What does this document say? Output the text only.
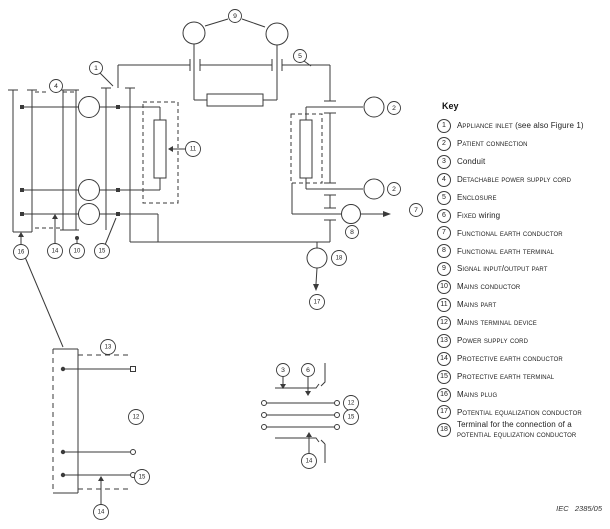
9
1
4
5
2
2
7
8
11
18
17
16	14	10	15
13
12
15
14
3	6
12
15
14
Key
1	Appliance inlet (see also Figure 1)
2	Patient connection
3	Conduit
4	Detachable power supply cord
5	Enclosure
6	Fixed wiring
7	Functional earth conductor
8	Functional earth terminal
9	Signal input/output part
10	Mains conductor
11	Mains part
12	Mains terminal device
13	Power supply cord
14	Protective earth conductor
15	Protective earth terminal
16	Mains plug
17	Potential equalization conductor
18	Terminal for the connection of a
potential equlization conductor
IEC   2385/05
